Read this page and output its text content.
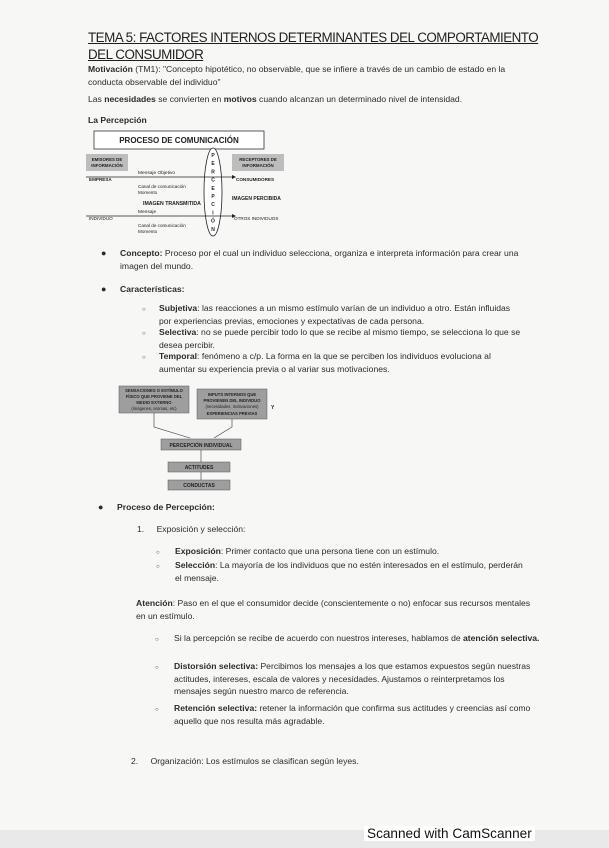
TEMA 5: FACTORES INTERNOS DETERMINANTES DEL COMPORTAMIENTO DEL CONSUMIDOR
Motivación (TM1): "Concepto hipotético, no observable, que se infiere a través de un cambio de estado en la conducta observable del individuo"
Las necesidades se convierten en motivos cuando alcanzan un determinado nivel de intensidad.
La Percepción
PROCESO DE COMUNICACIÓN
EMISORES DE
INFORMACIÓN
RECEPTORES DE
INFORMACIÓN
EMPRESA
INDIVIDUO
Mensaje Objetivo
Canal de comunicación
Momento
IMAGEN TRANSMITIDA
Mensaje
Canal de comunicación
Momento
CONSUMIDORES
IMAGEN PERCIBIDA
OTROS INDIVIDUOS
P
E
R
C
E
P
C
I
Ó
N
● Concepto: Proceso por el cual un individuo selecciona, organiza e interpreta información para crear una imagen del mundo.
● Características:
○ Subjetiva: las reacciones a un mismo estímulo varían de un individuo a otro. Están influidas por experiencias previas, emociones y expectativas de cada persona.
○ Selectiva: no se puede percibir todo lo que se recibe al mismo tiempo, se selecciona lo que se desea percibir.
○ Temporal: fenómeno a c/p. La forma en la que se perciben los individuos evoluciona al aumentar su experiencia previa o al variar sus motivaciones.
SENSACIONES O ESTÍMULO
FÍSICO QUE PROVIENE DEL
MEDIO EXTERNO
(imágenes, aromas, etc)
INPUTS INTERNOS QUE
PROVIENEN DEL INDIVIDUO
(necesidades, motivaciones)
EXPERIENCIAS PREVIAS
Y
PERCEPCIÓN INDIVIDUAL
ACTITUDES
CONDUCTAS
● Proceso de Percepción:
1. Exposición y selección:
○ Exposición: Primer contacto que una persona tiene con un estímulo.
○ Selección: La mayoría de los individuos que no estén interesados en el estímulo, perderán el mensaje.
Atención: Paso en el que el consumidor decide (conscientemente o no) enfocar sus recursos mentales en un estímulo.
○ Si la percepción se recibe de acuerdo con nuestros intereses, hablamos de atención selectiva.
○ Distorsión selectiva: Percibimos los mensajes a los que estamos expuestos según nuestras actitudes, intereses, escala de valores y necesidades. Ajustamos o reinterpretamos los mensajes según nuestro marco de referencia.
○ Retención selectiva: retener la información que confirma sus actitudes y creencias así como aquello que nos resulta más agradable.
2. Organización: Los estímulos se clasifican según leyes.
Scanned with CamScanner
